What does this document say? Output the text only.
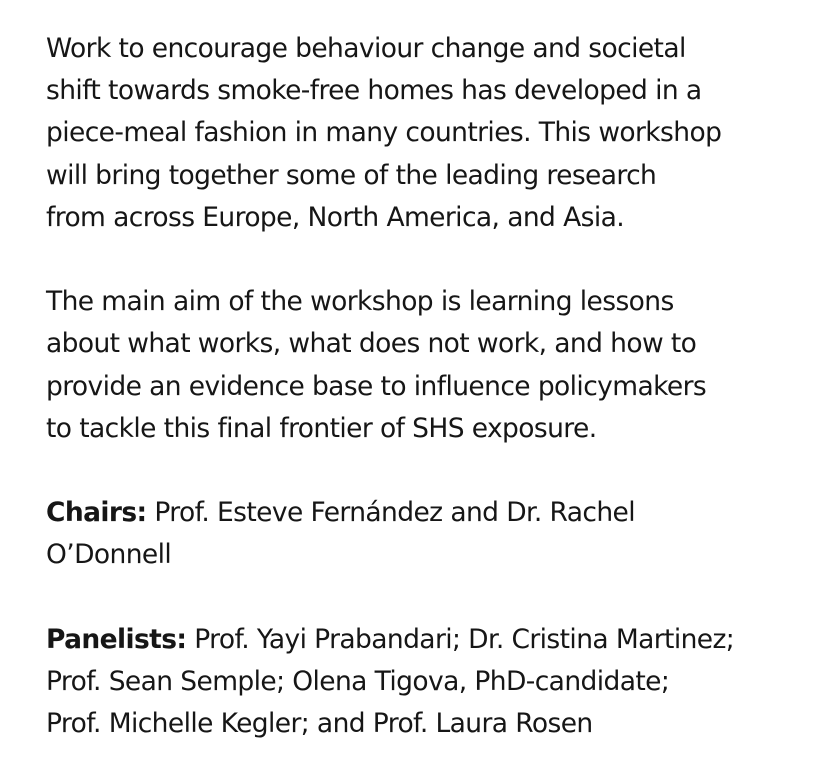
Work to encourage behaviour change and societal
shift towards smoke-free homes has developed in a
piece-meal fashion in many countries. This workshop
will bring together some of the leading research
from across Europe, North America, and Asia.

The main aim of the workshop is learning lessons
about what works, what does not work, and how to
provide an evidence base to influence policymakers
to tackle this final frontier of SHS exposure.

Chairs: Prof. Esteve Fernández and Dr. Rachel
O’Donnell

Panelists: Prof. Yayi Prabandari; Dr. Cristina Martinez;
Prof. Sean Semple; Olena Tigova, PhD-candidate;
Prof. Michelle Kegler; and Prof. Laura Rosen
